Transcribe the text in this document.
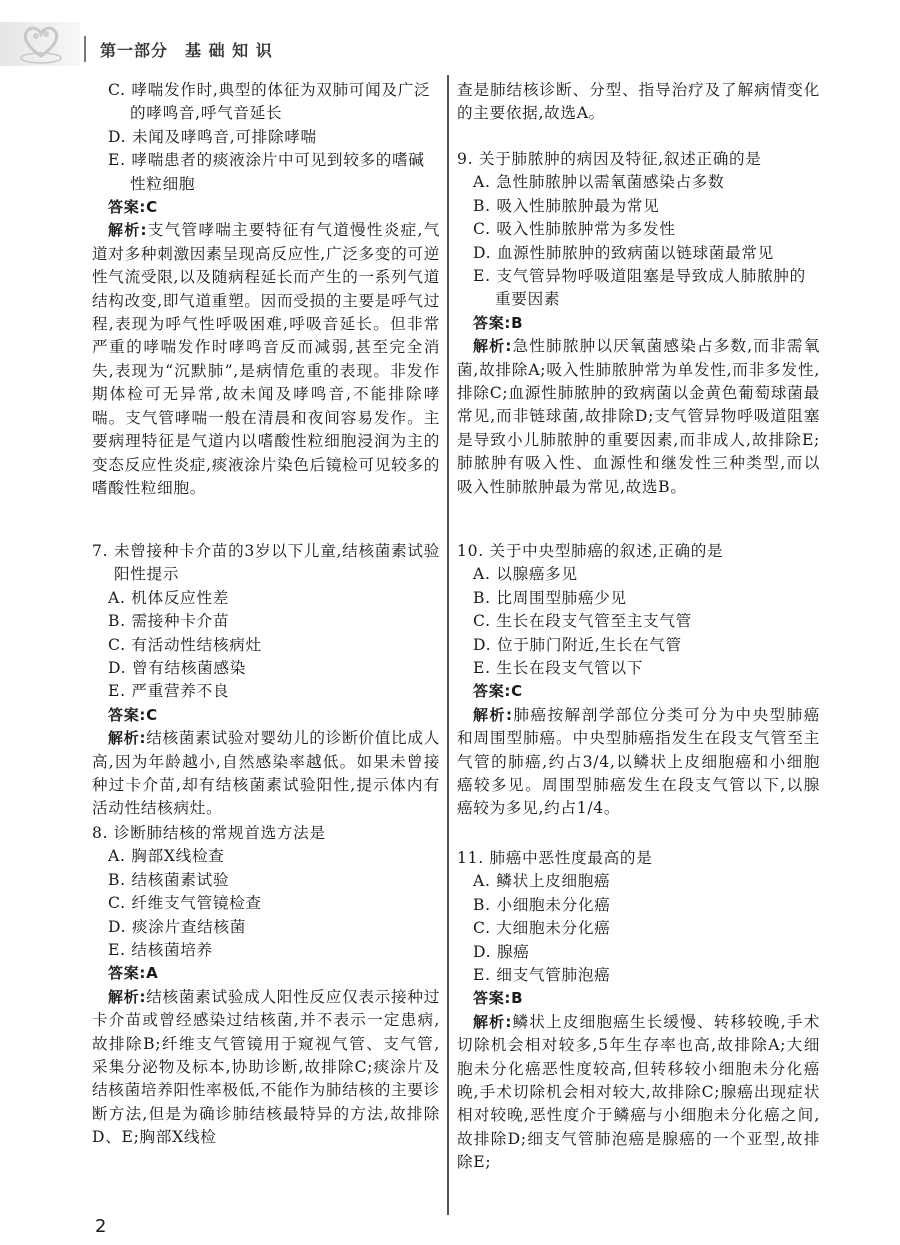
第一部分　基 础 知 识

C. 哮喘发作时,典型的体征为双肺可闻及广泛的哮鸣音,呼气音延长

D. 未闻及哮鸣音,可排除哮喘

E. 哮喘患者的痰液涂片中可见到较多的嗜碱性粒细胞

答案:C

解析:支气管哮喘主要特征有气道慢性炎症,气道对多种刺激因素呈现高反应性,广泛多变的可逆性气流受限,以及随病程延长而产生的一系列气道结构改变,即气道重塑。因而受损的主要是呼气过程,表现为呼气性呼吸困难,呼吸音延长。但非常严重的哮喘发作时哮鸣音反而减弱,甚至完全消失,表现为“沉默肺”,是病情危重的表现。非发作期体检可无异常,故未闻及哮鸣音,不能排除哮喘。支气管哮喘一般在清晨和夜间容易发作。主要病理特征是气道内以嗜酸性粒细胞浸润为主的变态反应性炎症,痰液涂片染色后镜检可见较多的嗜酸性粒细胞。

7. 未曾接种卡介苗的3岁以下儿童,结核菌素试验阳性提示

A. 机体反应性差

B. 需接种卡介苗

C. 有活动性结核病灶

D. 曾有结核菌感染

E. 严重营养不良

答案:C

解析:结核菌素试验对婴幼儿的诊断价值比成人高,因为年龄越小,自然感染率越低。如果未曾接种过卡介苗,却有结核菌素试验阳性,提示体内有活动性结核病灶。

8. 诊断肺结核的常规首选方法是

A. 胸部X线检查

B. 结核菌素试验

C. 纤维支气管镜检查

D. 痰涂片查结核菌

E. 结核菌培养

答案:A

解析:结核菌素试验成人阳性反应仅表示接种过卡介苗或曾经感染过结核菌,并不表示一定患病,故排除B;纤维支气管镜用于窥视气管、支气管,采集分泌物及标本,协助诊断,故排除C;痰涂片及结核菌培养阳性率极低,不能作为肺结核的主要诊断方法,但是为确诊肺结核最特异的方法,故排除D、E;胸部X线检

查是肺结核诊断、分型、指导治疗及了解病情变化的主要依据,故选A。

9. 关于肺脓肿的病因及特征,叙述正确的是

A. 急性肺脓肿以需氧菌感染占多数

B. 吸入性肺脓肿最为常见

C. 吸入性肺脓肿常为多发性

D. 血源性肺脓肿的致病菌以链球菌最常见

E. 支气管异物呼吸道阻塞是导致成人肺脓肿的重要因素

答案:B

解析:急性肺脓肿以厌氧菌感染占多数,而非需氧菌,故排除A;吸入性肺脓肿常为单发性,而非多发性,排除C;血源性肺脓肿的致病菌以金黄色葡萄球菌最常见,而非链球菌,故排除D;支气管异物呼吸道阻塞是导致小儿肺脓肿的重要因素,而非成人,故排除E;肺脓肿有吸入性、血源性和继发性三种类型,而以吸入性肺脓肿最为常见,故选B。

10. 关于中央型肺癌的叙述,正确的是

A. 以腺癌多见

B. 比周围型肺癌少见

C. 生长在段支气管至主支气管

D. 位于肺门附近,生长在气管

E. 生长在段支气管以下

答案:C

解析:肺癌按解剖学部位分类可分为中央型肺癌和周围型肺癌。中央型肺癌指发生在段支气管至主气管的肺癌,约占3/4,以鳞状上皮细胞癌和小细胞癌较多见。周围型肺癌发生在段支气管以下,以腺癌较为多见,约占1/4。

11. 肺癌中恶性度最高的是

A. 鳞状上皮细胞癌

B. 小细胞未分化癌

C. 大细胞未分化癌

D. 腺癌

E. 细支气管肺泡癌

答案:B

解析:鳞状上皮细胞癌生长缓慢、转移较晚,手术切除机会相对较多,5年生存率也高,故排除A;大细胞未分化癌恶性度较高,但转移较小细胞未分化癌晚,手术切除机会相对较大,故排除C;腺癌出现症状相对较晚,恶性度介于鳞癌与小细胞未分化癌之间,故排除D;细支气管肺泡癌是腺癌的一个亚型,故排除E;

2
